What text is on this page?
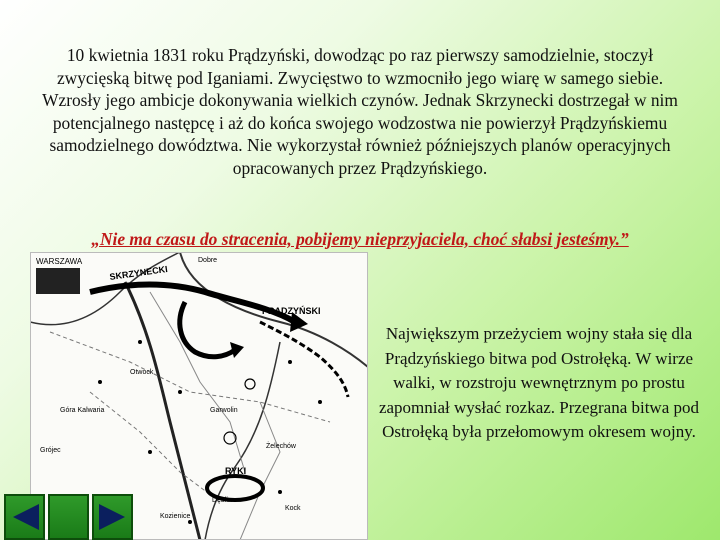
10 kwietnia 1831 roku Prądzyński, dowodząc po raz pierwszy samodzielnie, stoczył zwycięską bitwę pod Iganiami. Zwycięstwo to wzmocniło jego wiarę w samego siebie. Wzrosły jego ambicje dokonywania wielkich czynów. Jednak Skrzynecki dostrzegał w nim potencjalnego następcę i aż do końca swojego wodzostwa nie powierzył Prądzyńskiemu samodzielnego dowództwa. Nie wykorzystał również późniejszych planów operacyjnych opracowanych przez Prądzyńskiego.
„Nie ma czasu do stracenia, pobijemy nieprzyjaciela, choć słabsi jesteśmy.”
WARSZAWA
SKRZYNECKI
PRĄDZYŃSKI
Dobre
Otwock
Garwolin
Góra Kalwaria
Grójec
Żelechów
RYKI
Kozienice
Kock
Dęblin
Największym przeżyciem wojny stała się dla Prądzyńskiego bitwa pod Ostrołęką. W wirze walki, w rozstroju wewnętrznym po prostu zapomniał wysłać rozkaz. Przegrana bitwa pod Ostrołęką była przełomowym okresem wojny.
